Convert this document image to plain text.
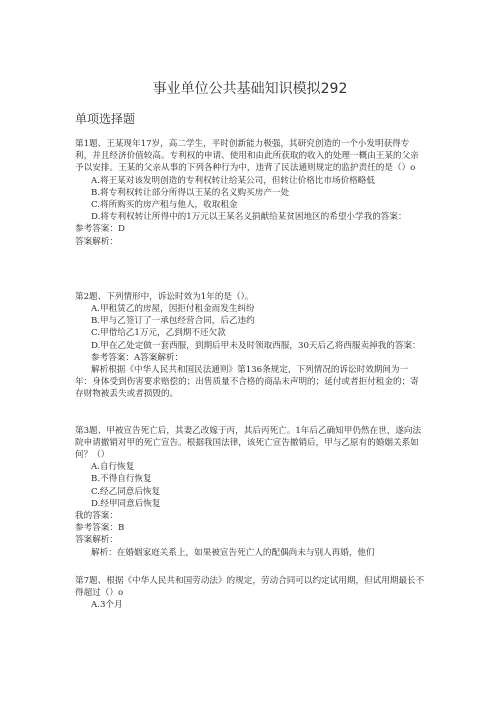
事业单位公共基础知识模拟292
单项选择题

第1题、王某现年17岁，高二学生，平时创新能力极强，其研究创造的一个小发明获得专利，并且经济价值较高。专利权的申请、使用和由此所获取的收入的处理一概由王某的父亲予以安排。王某的父亲从事的下列各种行为中，违背了民法通则规定的监护责任的是（）o

A.将王某对该发明创造的专利权转让给某公司，但转让价格比市场价格略低

B.将专利权转让部分所得以王某的名义购买房产一处

C.将所购买的房产租与他人，收取租金

D.将专利权转让所得中的1万元以王某名义捐献给某贫困地区的希望小学我的答案：

参考答案：D

答案解析：

第2题、下列情形中，诉讼时效为1年的是（）。

A.甲租赁乙的房屋，因拒付租金而发生纠纷

B.甲与乙签订了一承包经营合同，后乙违约

C.甲借给乙1万元，乙到期不还欠款

D.甲在乙处定做一套西服，到期后甲未及时领取西服，30天后乙将西服卖掉我的答案：参考答案：A答案解析：

解析根据《中华人民共和国民法通则》第136条规定，下列情况的诉讼时效期间为一年：身体受到伤害要求赔偿的；出售质量不合格的商品未声明的；延付或者拒付租金的；寄存财物被丢失或者损毁的。

第3题、甲被宣告死亡后，其妻乙改嫁于丙，其后丙死亡。1年后乙确知甲仍然在世，遂向法院申请撤销对甲的死亡宣告。根据我国法律，该死亡宣告撤销后，甲与乙原有的婚姻关系如何？（）

A.自行恢复

B.不得自行恢复

C.经乙同意后恢复

D.经甲同意后恢复

我的答案：

参考答案：B

答案解析：

解析：在婚姻家庭关系上，如果被宣告死亡人的配偶尚未与别人再婚，他们

第7题、根据《中华人民共和国劳动法》的规定，劳动合同可以约定试用期，但试用期最长不得超过（）o

A.3个月
